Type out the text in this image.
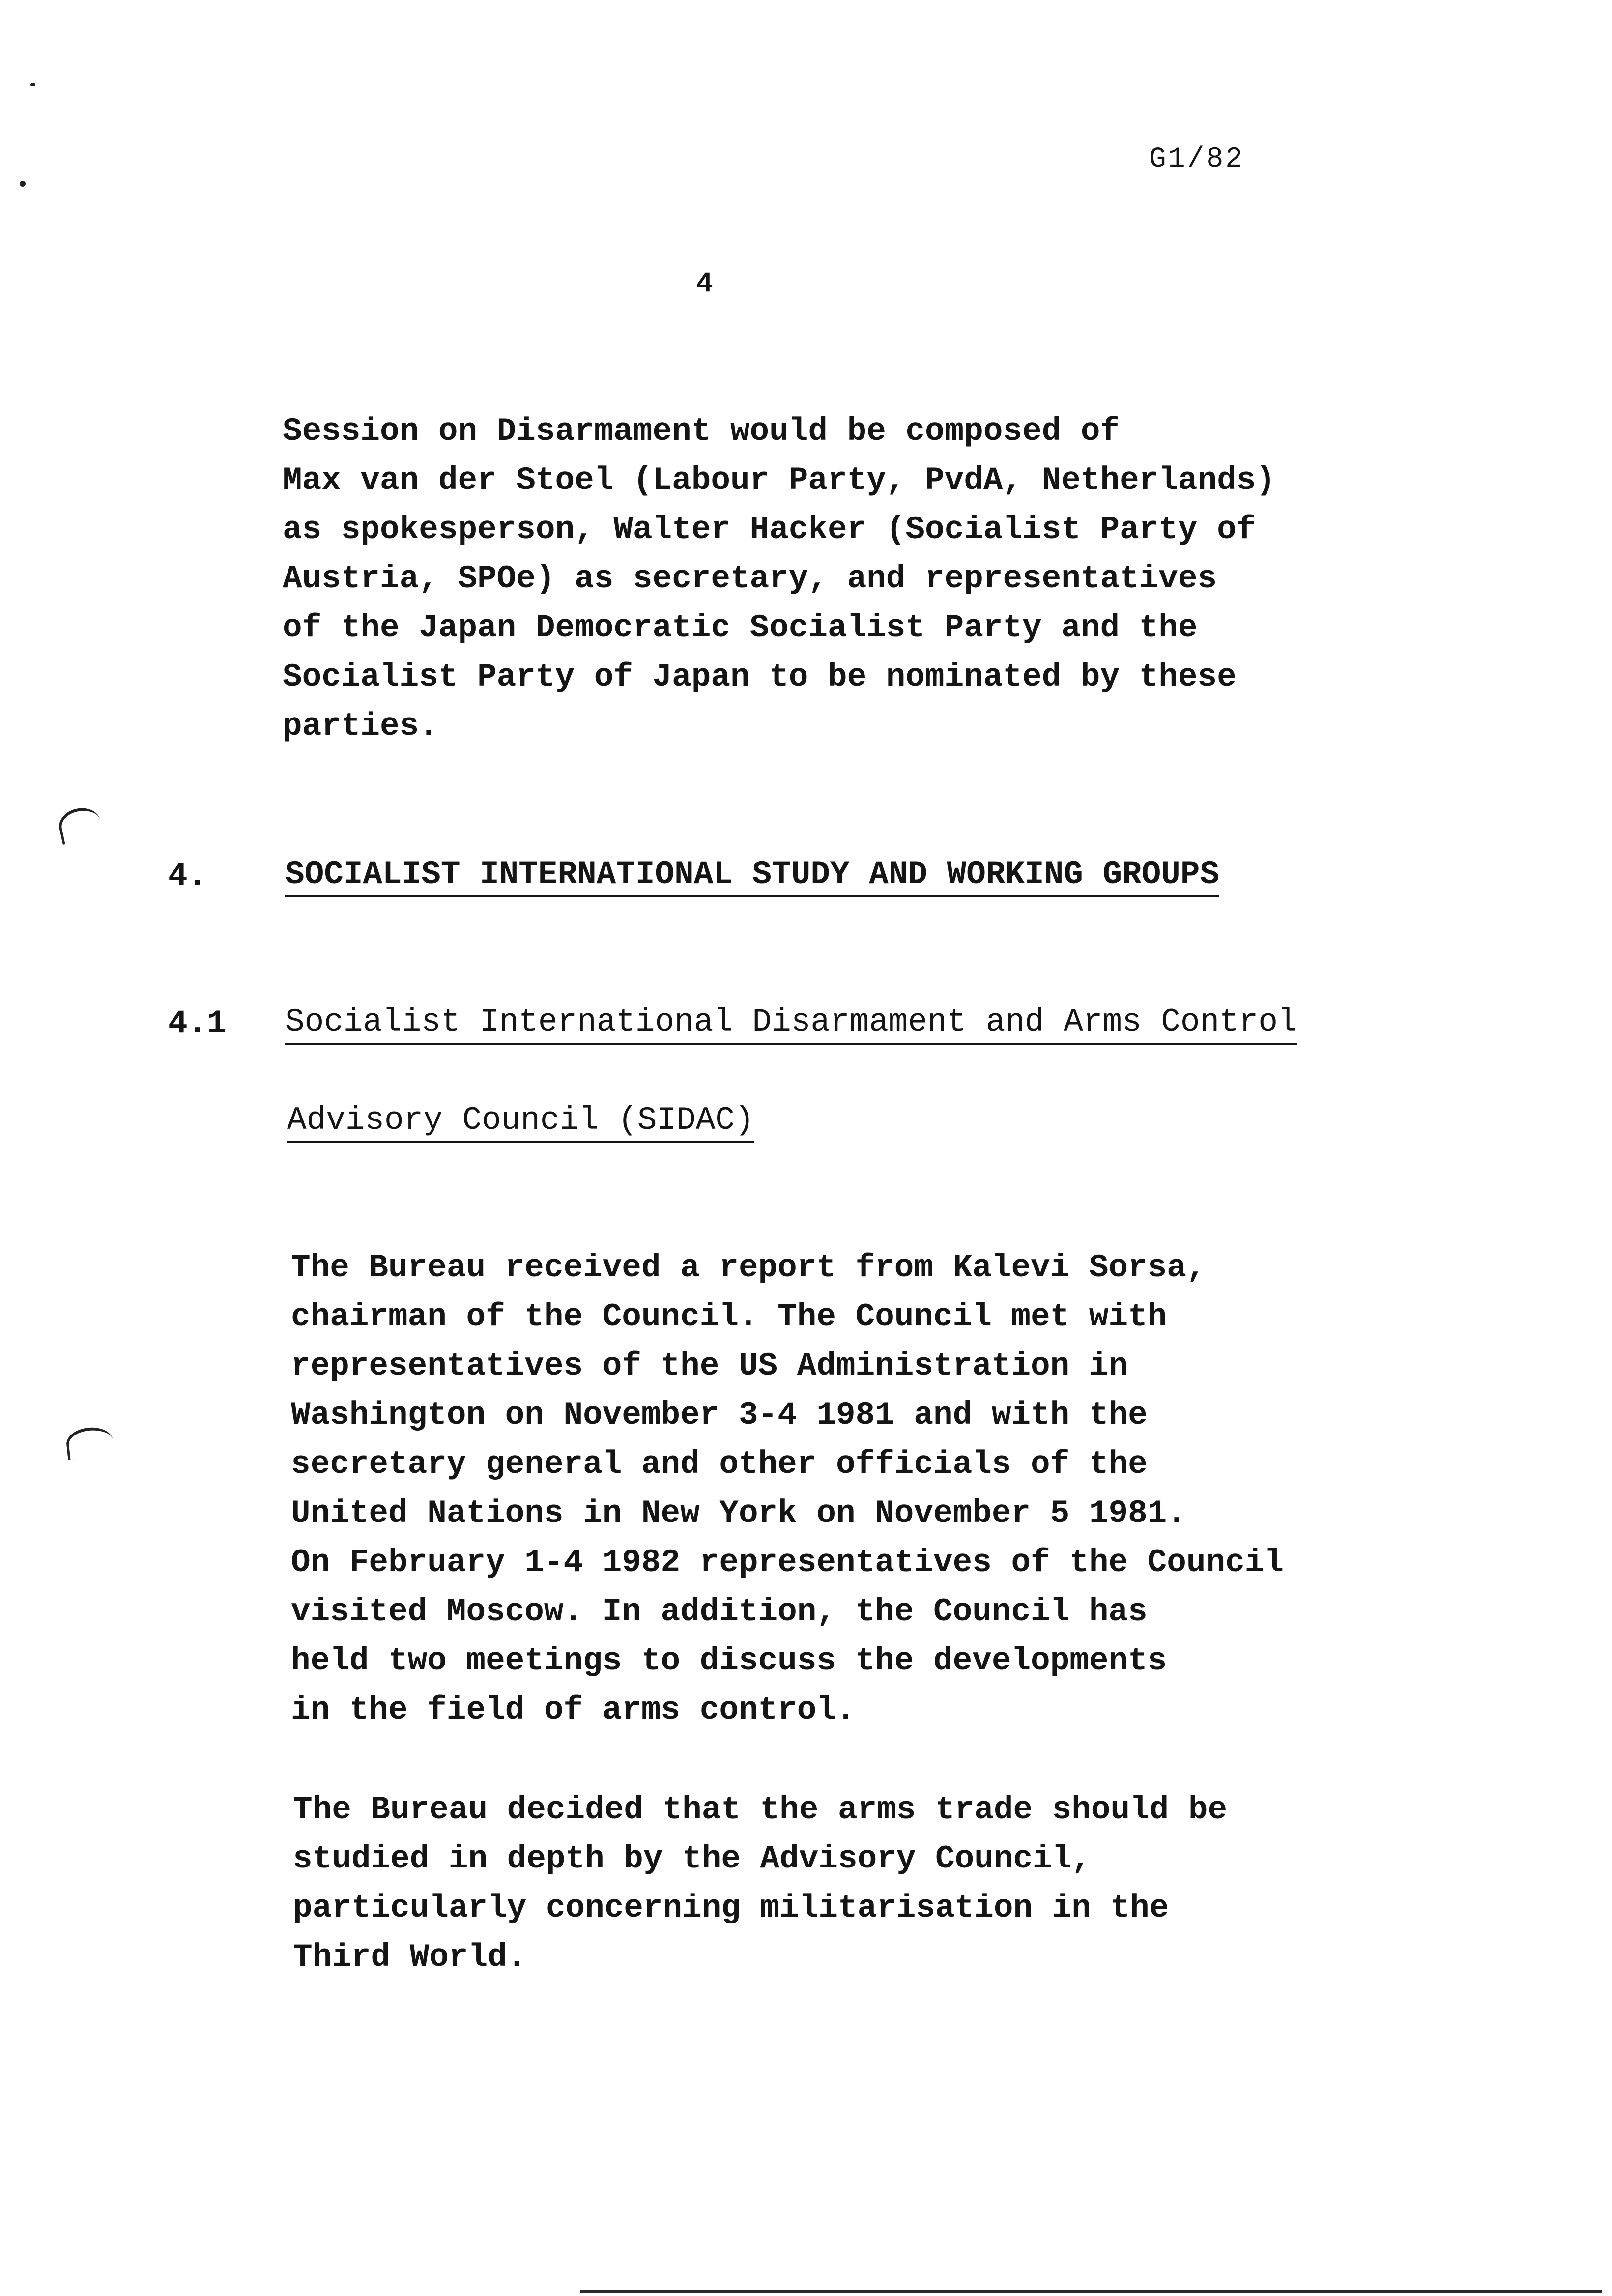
G1/82
4
Session on Disarmament would be composed of
Max van der Stoel (Labour Party, PvdA, Netherlands)
as spokesperson, Walter Hacker (Socialist Party of
Austria, SPOe) as secretary, and representatives
of the Japan Democratic Socialist Party and the
Socialist Party of Japan to be nominated by these
parties.
4. SOCIALIST INTERNATIONAL STUDY AND WORKING GROUPS
4.1 Socialist International Disarmament and Arms Control
Advisory Council (SIDAC)
The Bureau received a report from Kalevi Sorsa,
chairman of the Council. The Council met with
representatives of the US Administration in
Washington on November 3-4 1981 and with the
secretary general and other officials of the
United Nations in New York on November 5 1981.
On February 1-4 1982 representatives of the Council
visited Moscow. In addition, the Council has
held two meetings to discuss the developments
in the field of arms control.
The Bureau decided that the arms trade should be
studied in depth by the Advisory Council,
particularly concerning militarisation in the
Third World.
